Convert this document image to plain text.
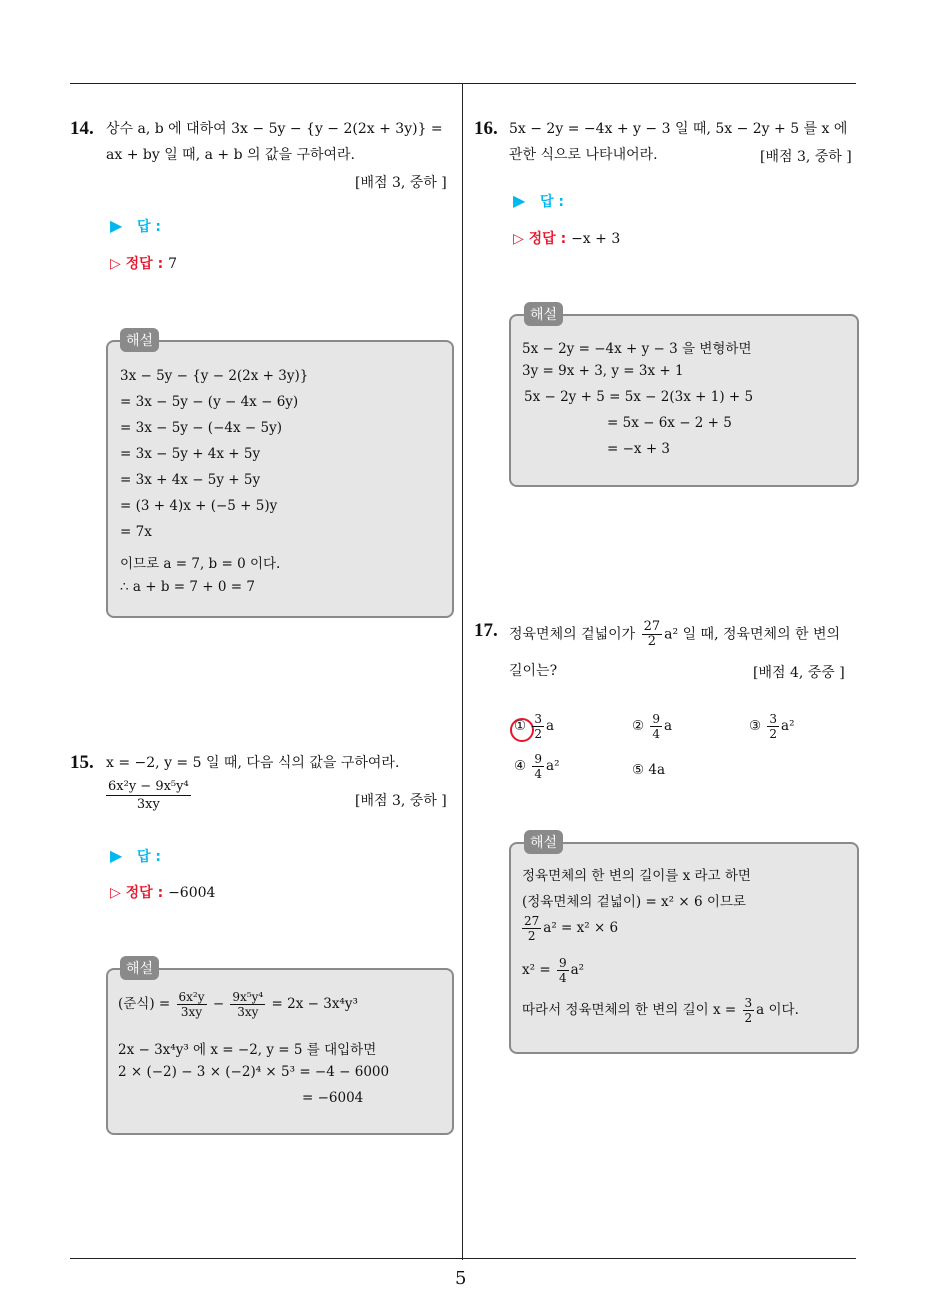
14. 상수 a, b 에 대하여 3x − 5y − {y − 2(2x + 3y)} =
ax + by 일 때, a + b 의 값을 구하여라.
[배점 3, 중하 ]
▶ 답 :
▷ 정답 : 7
해설
3x − 5y − {y − 2(2x + 3y)}
= 3x − 5y − (y − 4x − 6y)
= 3x − 5y − (−4x − 5y)
= 3x − 5y + 4x + 5y
= 3x + 4x − 5y + 5y
= (3 + 4)x + (−5 + 5)y
= 7x
이므로 a = 7, b = 0 이다.
∴ a + b = 7 + 0 = 7
15. x = −2, y = 5 일 때, 다음 식의 값을 구하여라.
$\frac{\text{6x²y − 9x⁵y⁴}}{3xy}$	[배점 3, 중하 ]
▶ 답 :
▷ 정답 : −6004
해설
(준식) = $\frac{\text{6x²y}}{3xy} - \frac{\text{9x⁵y⁴}}{3xy} = 2x - 3x^4y^3$
2x − 3x⁴y³ 에 x = −2, y = 5 를 대입하면
2 × (−2) − 3 × (−2)⁴ × 5³ = −4 − 6000
= −6004
16. 5x − 2y = −4x + y − 3 일 때, 5x − 2y + 5 를 x 에
관한 식으로 나타내어라.	[배점 3, 중하 ]
▶ 답 :
▷ 정답 : −x + 3
해설
5x − 2y = −4x + y − 3 을 변형하면
3y = 9x + 3, y = 3x + 1
5x − 2y + 5 = 5x − 2(3x + 1) + 5
= 5x − 6x − 2 + 5
= −x + 3
17. 정육면체의 겉넓이가 $\frac{27}{2} a^2$ 일 때, 정육면체의 한 변의
길이는?	[배점 4, 중중 ]
① $\frac{3}{2}$ a	② $\frac{9}{4}$ a	③ $\frac{3}{2} a^2$
④ $\frac{9}{4} a^2$	⑤ 4a
해설
정육면체의 한 변의 길이를 x 라고 하면
(정육면체의 겉넓이) = x² × 6 이므로
$\frac{27}{2} a^2 = x^2 \times 6$
$x^2 = \frac{9}{4} a^2$
따라서 정육면체의 한 변의 길이 $x = \frac{3}{2}$ a 이다.
5
